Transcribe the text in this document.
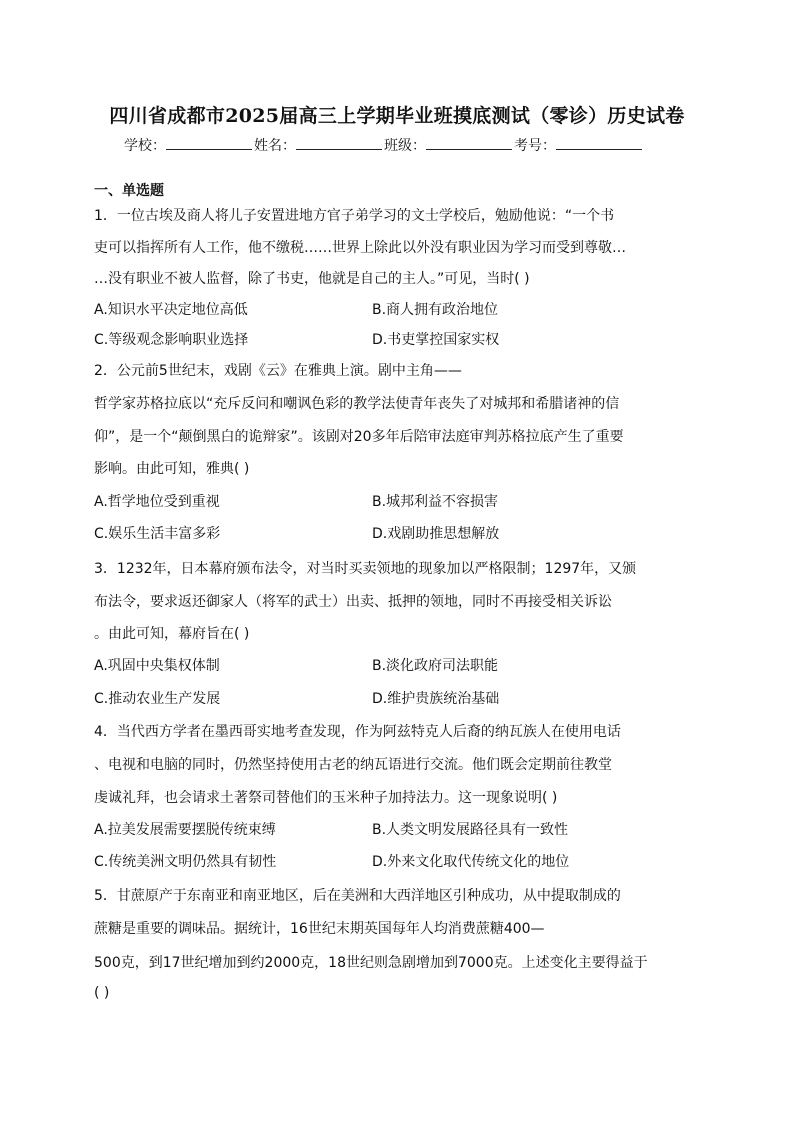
四川省成都市2025届高三上学期毕业班摸底测试（零诊）历史试卷
学校：	姓名：	班级：	考号：
一、单选题
1．一位古埃及商人将儿子安置进地方官子弟学习的文士学校后，勉励他说：“一个书
吏可以指挥所有人工作，他不缴税……世界上除此以外没有职业因为学习而受到尊敬…
…没有职业不被人监督，除了书吏，他就是自己的主人。”可见，当时( )
A.知识水平决定地位高低	B.商人拥有政治地位
C.等级观念影响职业选择	D.书吏掌控国家实权
2．公元前5世纪末，戏剧《云》在雅典上演。剧中主角——
哲学家苏格拉底以“充斥反问和嘲讽色彩的教学法使青年丧失了对城邦和希腊诸神的信
仰”，是一个“颠倒黑白的诡辩家”。该剧对20多年后陪审法庭审判苏格拉底产生了重要
影响。由此可知，雅典( )
A.哲学地位受到重视	B.城邦利益不容损害
C.娱乐生活丰富多彩	D.戏剧助推思想解放
3．1232年，日本幕府颁布法令，对当时买卖领地的现象加以严格限制；1297年，又颁
布法令，要求返还御家人（将军的武士）出卖、抵押的领地，同时不再接受相关诉讼
。由此可知，幕府旨在( )
A.巩固中央集权体制	B.淡化政府司法职能
C.推动农业生产发展	D.维护贵族统治基础
4．当代西方学者在墨西哥实地考查发现，作为阿兹特克人后裔的纳瓦族人在使用电话
、电视和电脑的同时，仍然坚持使用古老的纳瓦语进行交流。他们既会定期前往教堂
虔诚礼拜，也会请求土著祭司替他们的玉米种子加持法力。这一现象说明( )
A.拉美发展需要摆脱传统束缚	B.人类文明发展路径具有一致性
C.传统美洲文明仍然具有韧性	D.外来文化取代传统文化的地位
5．甘蔗原产于东南亚和南亚地区，后在美洲和大西洋地区引种成功，从中提取制成的
蔗糖是重要的调味品。据统计，16世纪末期英国每年人均消费蔗糖400—
500克，到17世纪增加到约2000克，18世纪则急剧增加到7000克。上述变化主要得益于
( )
